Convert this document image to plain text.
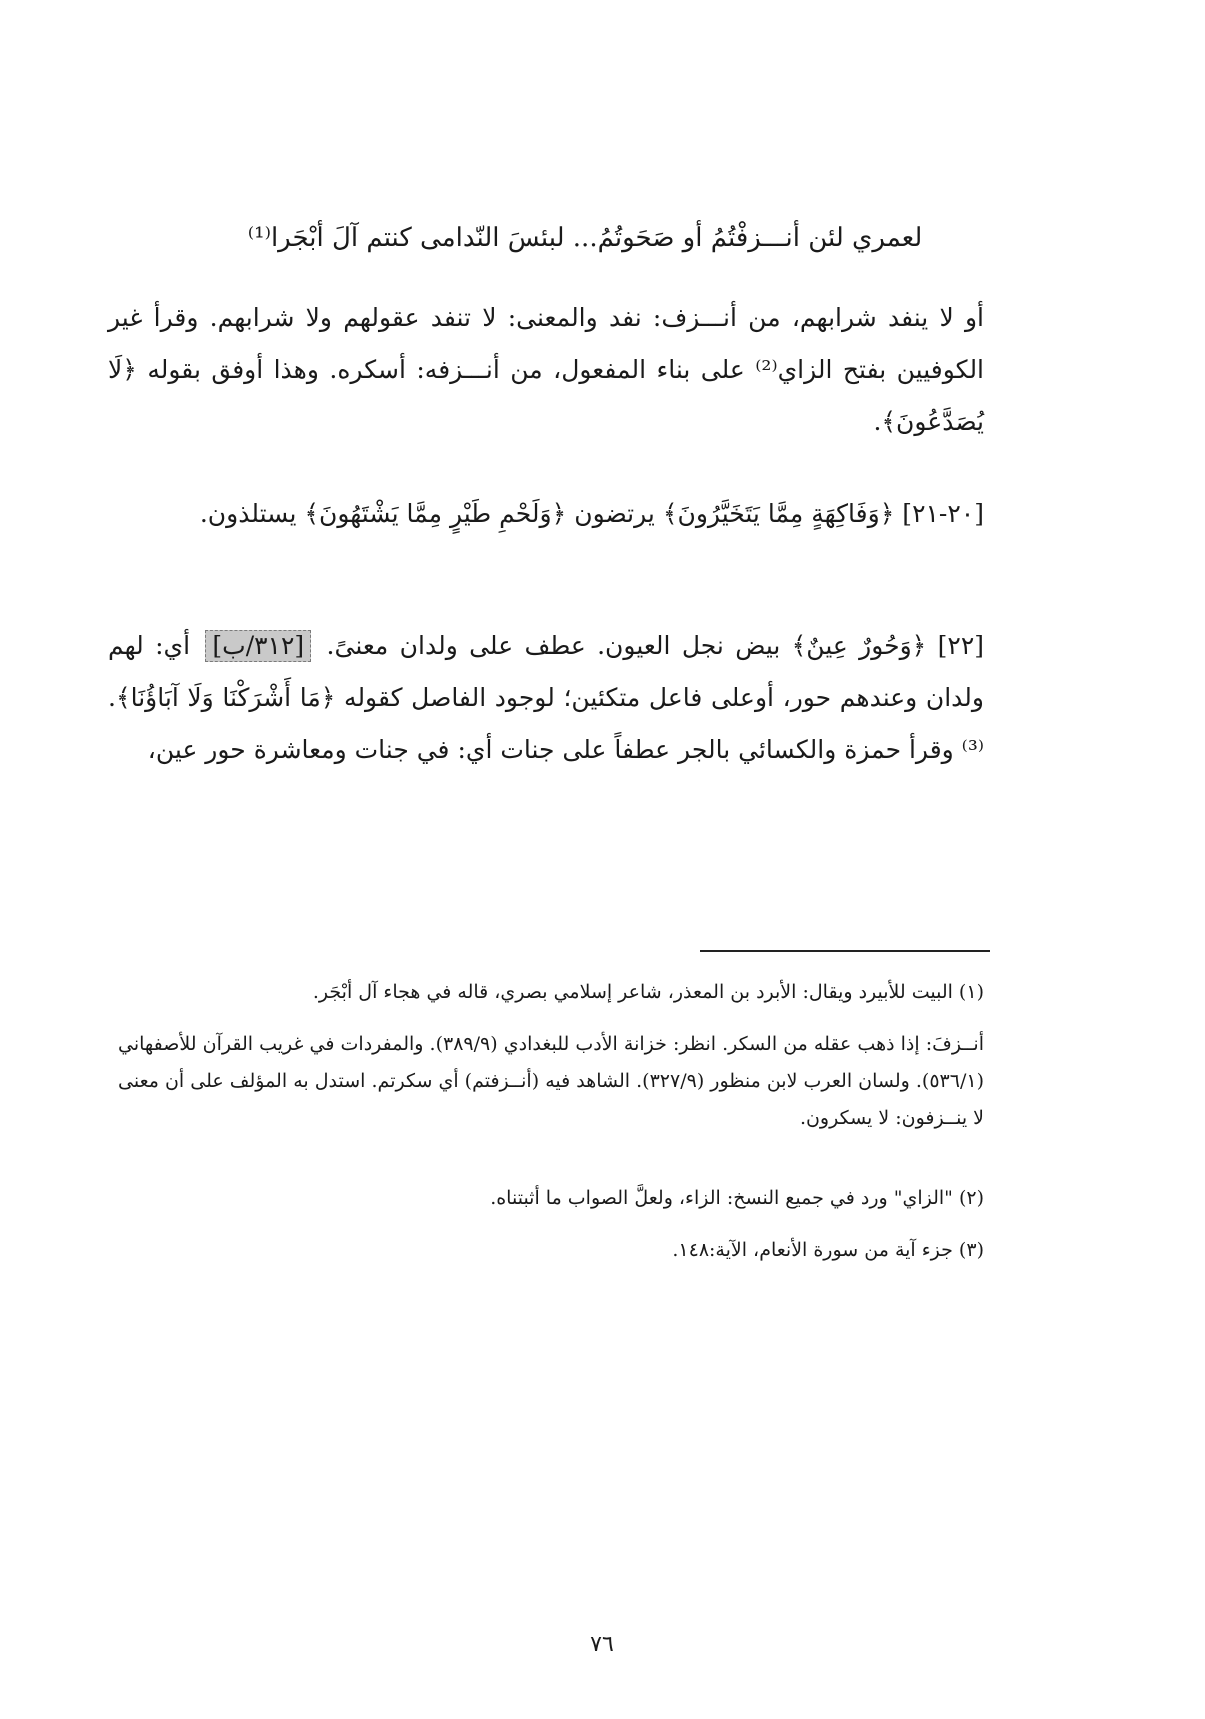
لعمري لئن أنـــزفْتُمُ أو صَحَوتُمُ... لبئسَ النّدامى كنتم آلَ أبْجَرا⁽¹⁾
أو لا ينفد شرابهم، من أنـــزف: نفد والمعنى: لا تنفد عقولهم ولا شرابهم. وقرأ غير الكوفيين بفتح الزاي⁽²⁾ على بناء المفعول، من أنـــزفه: أسكره. وهذا أوفق بقوله ﴿لَا يُصَدَّعُونَ﴾.
[٢٠-٢١] ﴿وَفَاكِهَةٍ مِمَّا يَتَخَيَّرُونَ﴾ يرتضون ﴿وَلَحْمِ طَيْرٍ مِمَّا يَشْتَهُونَ﴾ يستلذون.
[٢٢] ﴿وَحُورٌ عِينٌ﴾ بيض نجل العيون. عطف على ولدان معنىً. [٣١٢/ب] أي: لهم ولدان وعندهم حور، أوعلى فاعل متكئين؛ لوجود الفاصل كقوله ﴿مَا أَشْرَكْنَا وَلَا آبَاؤُنَا﴾.⁽³⁾ وقرأ حمزة والكسائي بالجر عطفاً على جنات أي: في جنات ومعاشرة حور عين،
(١) البيت للأبيرد ويقال: الأبرد بن المعذر، شاعر إسلامي بصري، قاله في هجاء آل أبْجَر.
أنــزفَ: إذا ذهب عقله من السكر. انظر: خزانة الأدب للبغدادي (٣٨٩/٩). والمفردات في غريب القرآن للأصفهاني (٥٣٦/١). ولسان العرب لابن منظور (٣٢٧/٩). الشاهد فيه (أنــزفتم) أي سكرتم. استدل به المؤلف على أن معنى لا ينــزفون: لا يسكرون.
(٢) "الزاي" ورد في جميع النسخ: الزاء، ولعلَّ الصواب ما أثبتناه.
(٣) جزء آية من سورة الأنعام، الآية:١٤٨.
٧٦
